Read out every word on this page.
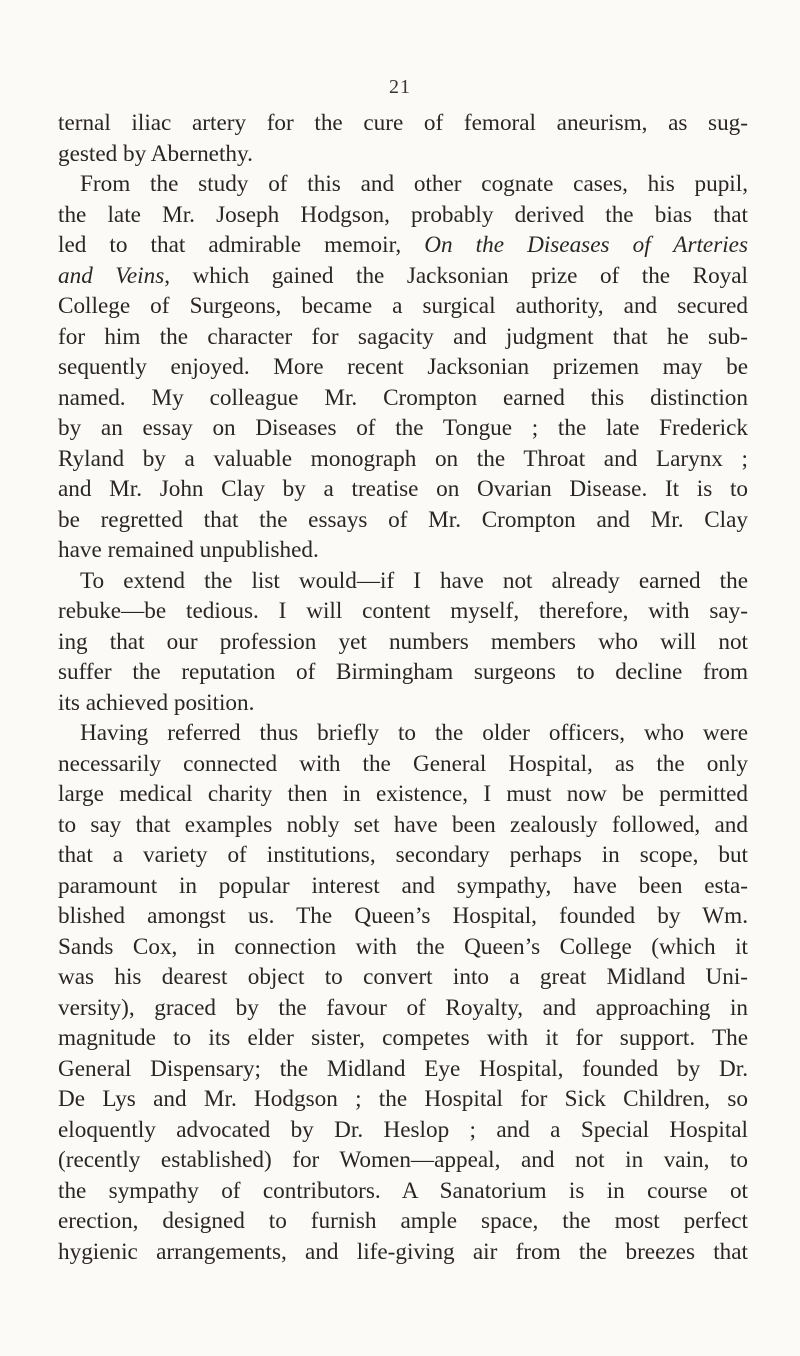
21
ternal iliac artery for the cure of femoral aneurism, as sug-
gested by Abernethy.
From the study of this and other cognate cases, his pupil,
the late Mr. Joseph Hodgson, probably derived the bias that
led to that admirable memoir, On the Diseases of Arteries
and Veins, which gained the Jacksonian prize of the Royal
College of Surgeons, became a surgical authority, and secured
for him the character for sagacity and judgment that he sub-
sequently enjoyed. More recent Jacksonian prizemen may be
named. My colleague Mr. Crompton earned this distinction
by an essay on Diseases of the Tongue ; the late Frederick
Ryland by a valuable monograph on the Throat and Larynx ;
and Mr. John Clay by a treatise on Ovarian Disease. It is to
be regretted that the essays of Mr. Crompton and Mr. Clay
have remained unpublished.
To extend the list would—if I have not already earned the
rebuke—be tedious. I will content myself, therefore, with say-
ing that our profession yet numbers members who will not
suffer the reputation of Birmingham surgeons to decline from
its achieved position.
Having referred thus briefly to the older officers, who were
necessarily connected with the General Hospital, as the only
large medical charity then in existence, I must now be permitted
to say that examples nobly set have been zealously followed, and
that a variety of institutions, secondary perhaps in scope, but
paramount in popular interest and sympathy, have been esta-
blished amongst us. The Queen’s Hospital, founded by Wm.
Sands Cox, in connection with the Queen’s College (which it
was his dearest object to convert into a great Midland Uni-
versity), graced by the favour of Royalty, and approaching in
magnitude to its elder sister, competes with it for support. The
General Dispensary; the Midland Eye Hospital, founded by Dr.
De Lys and Mr. Hodgson ; the Hospital for Sick Children, so
eloquently advocated by Dr. Heslop ; and a Special Hospital
(recently established) for Women—appeal, and not in vain, to
the sympathy of contributors. A Sanatorium is in course ot
erection, designed to furnish ample space, the most perfect
hygienic arrangements, and life-giving air from the breezes that
